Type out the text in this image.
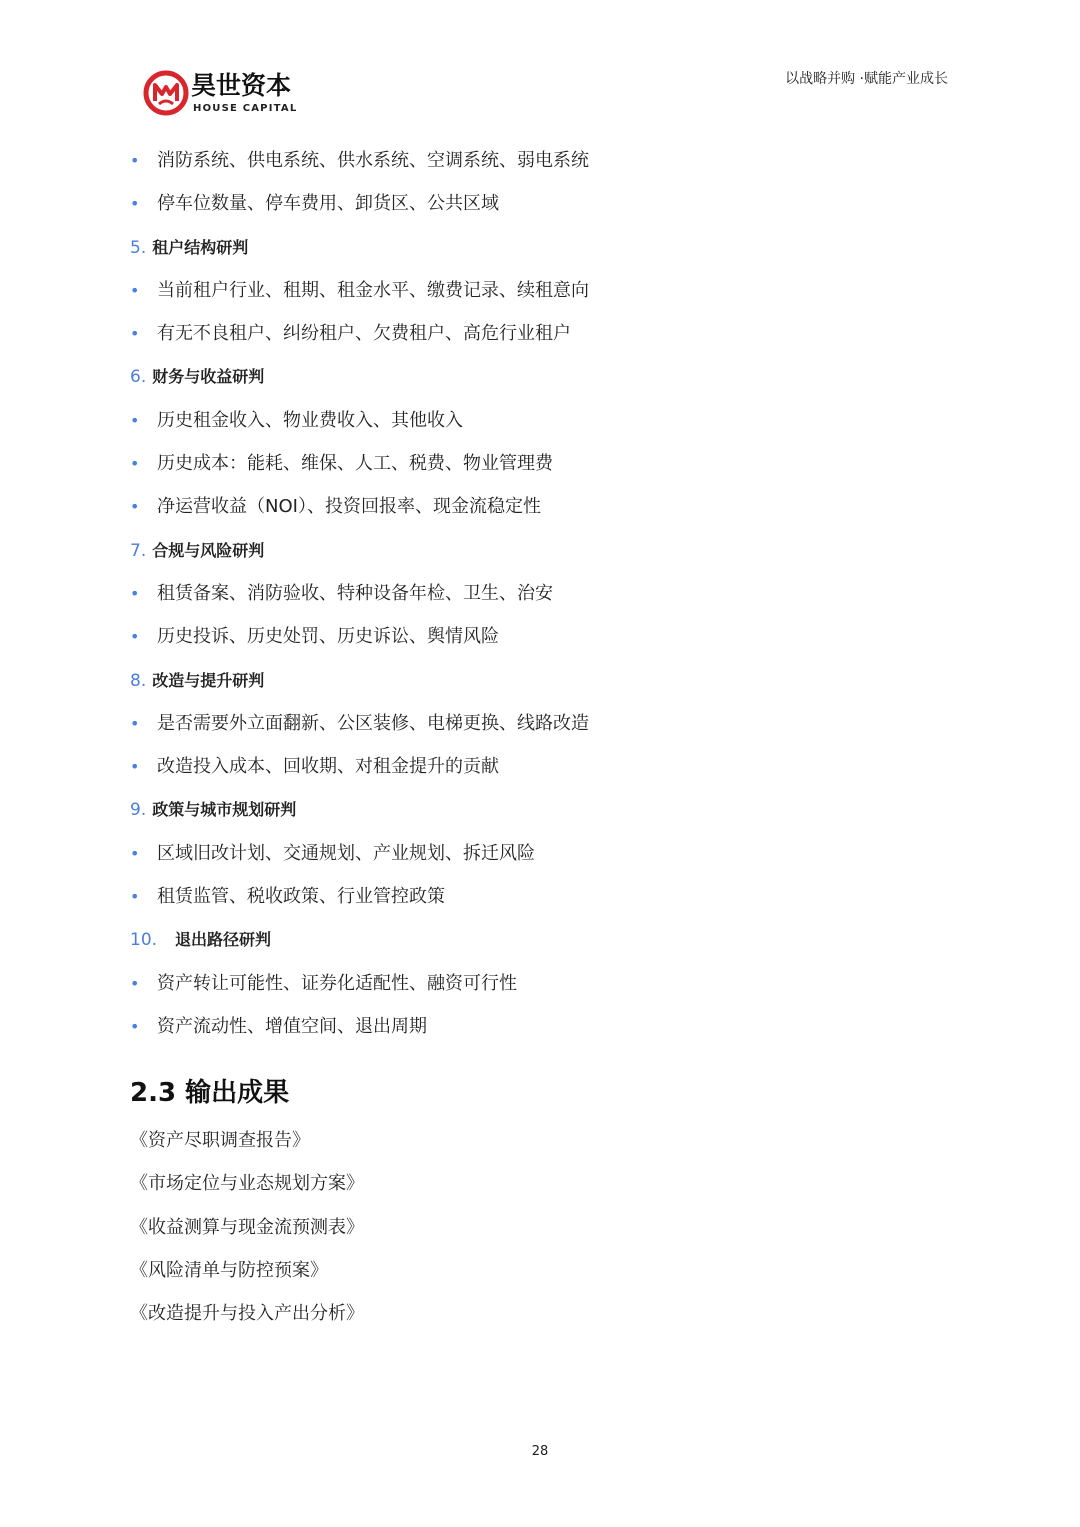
昊世资本
HOUSE CAPITAL
以战略并购 ·赋能产业成长
• 消防系统、供电系统、供水系统、空调系统、弱电系统
• 停车位数量、停车费用、卸货区、公共区域
5. 租户结构研判
• 当前租户行业、租期、租金水平、缴费记录、续租意向
• 有无不良租户、纠纷租户、欠费租户、高危行业租户
6. 财务与收益研判
• 历史租金收入、物业费收入、其他收入
• 历史成本：能耗、维保、人工、税费、物业管理费
• 净运营收益（NOI）、投资回报率、现金流稳定性
7. 合规与风险研判
• 租赁备案、消防验收、特种设备年检、卫生、治安
• 历史投诉、历史处罚、历史诉讼、舆情风险
8. 改造与提升研判
• 是否需要外立面翻新、公区装修、电梯更换、线路改造
• 改造投入成本、回收期、对租金提升的贡献
9. 政策与城市规划研判
• 区域旧改计划、交通规划、产业规划、拆迁风险
• 租赁监管、税收政策、行业管控政策
10. 退出路径研判
• 资产转让可能性、证券化适配性、融资可行性
• 资产流动性、增值空间、退出周期
2.3 输出成果
《资产尽职调查报告》
《市场定位与业态规划方案》
《收益测算与现金流预测表》
《风险清单与防控预案》
《改造提升与投入产出分析》
28
